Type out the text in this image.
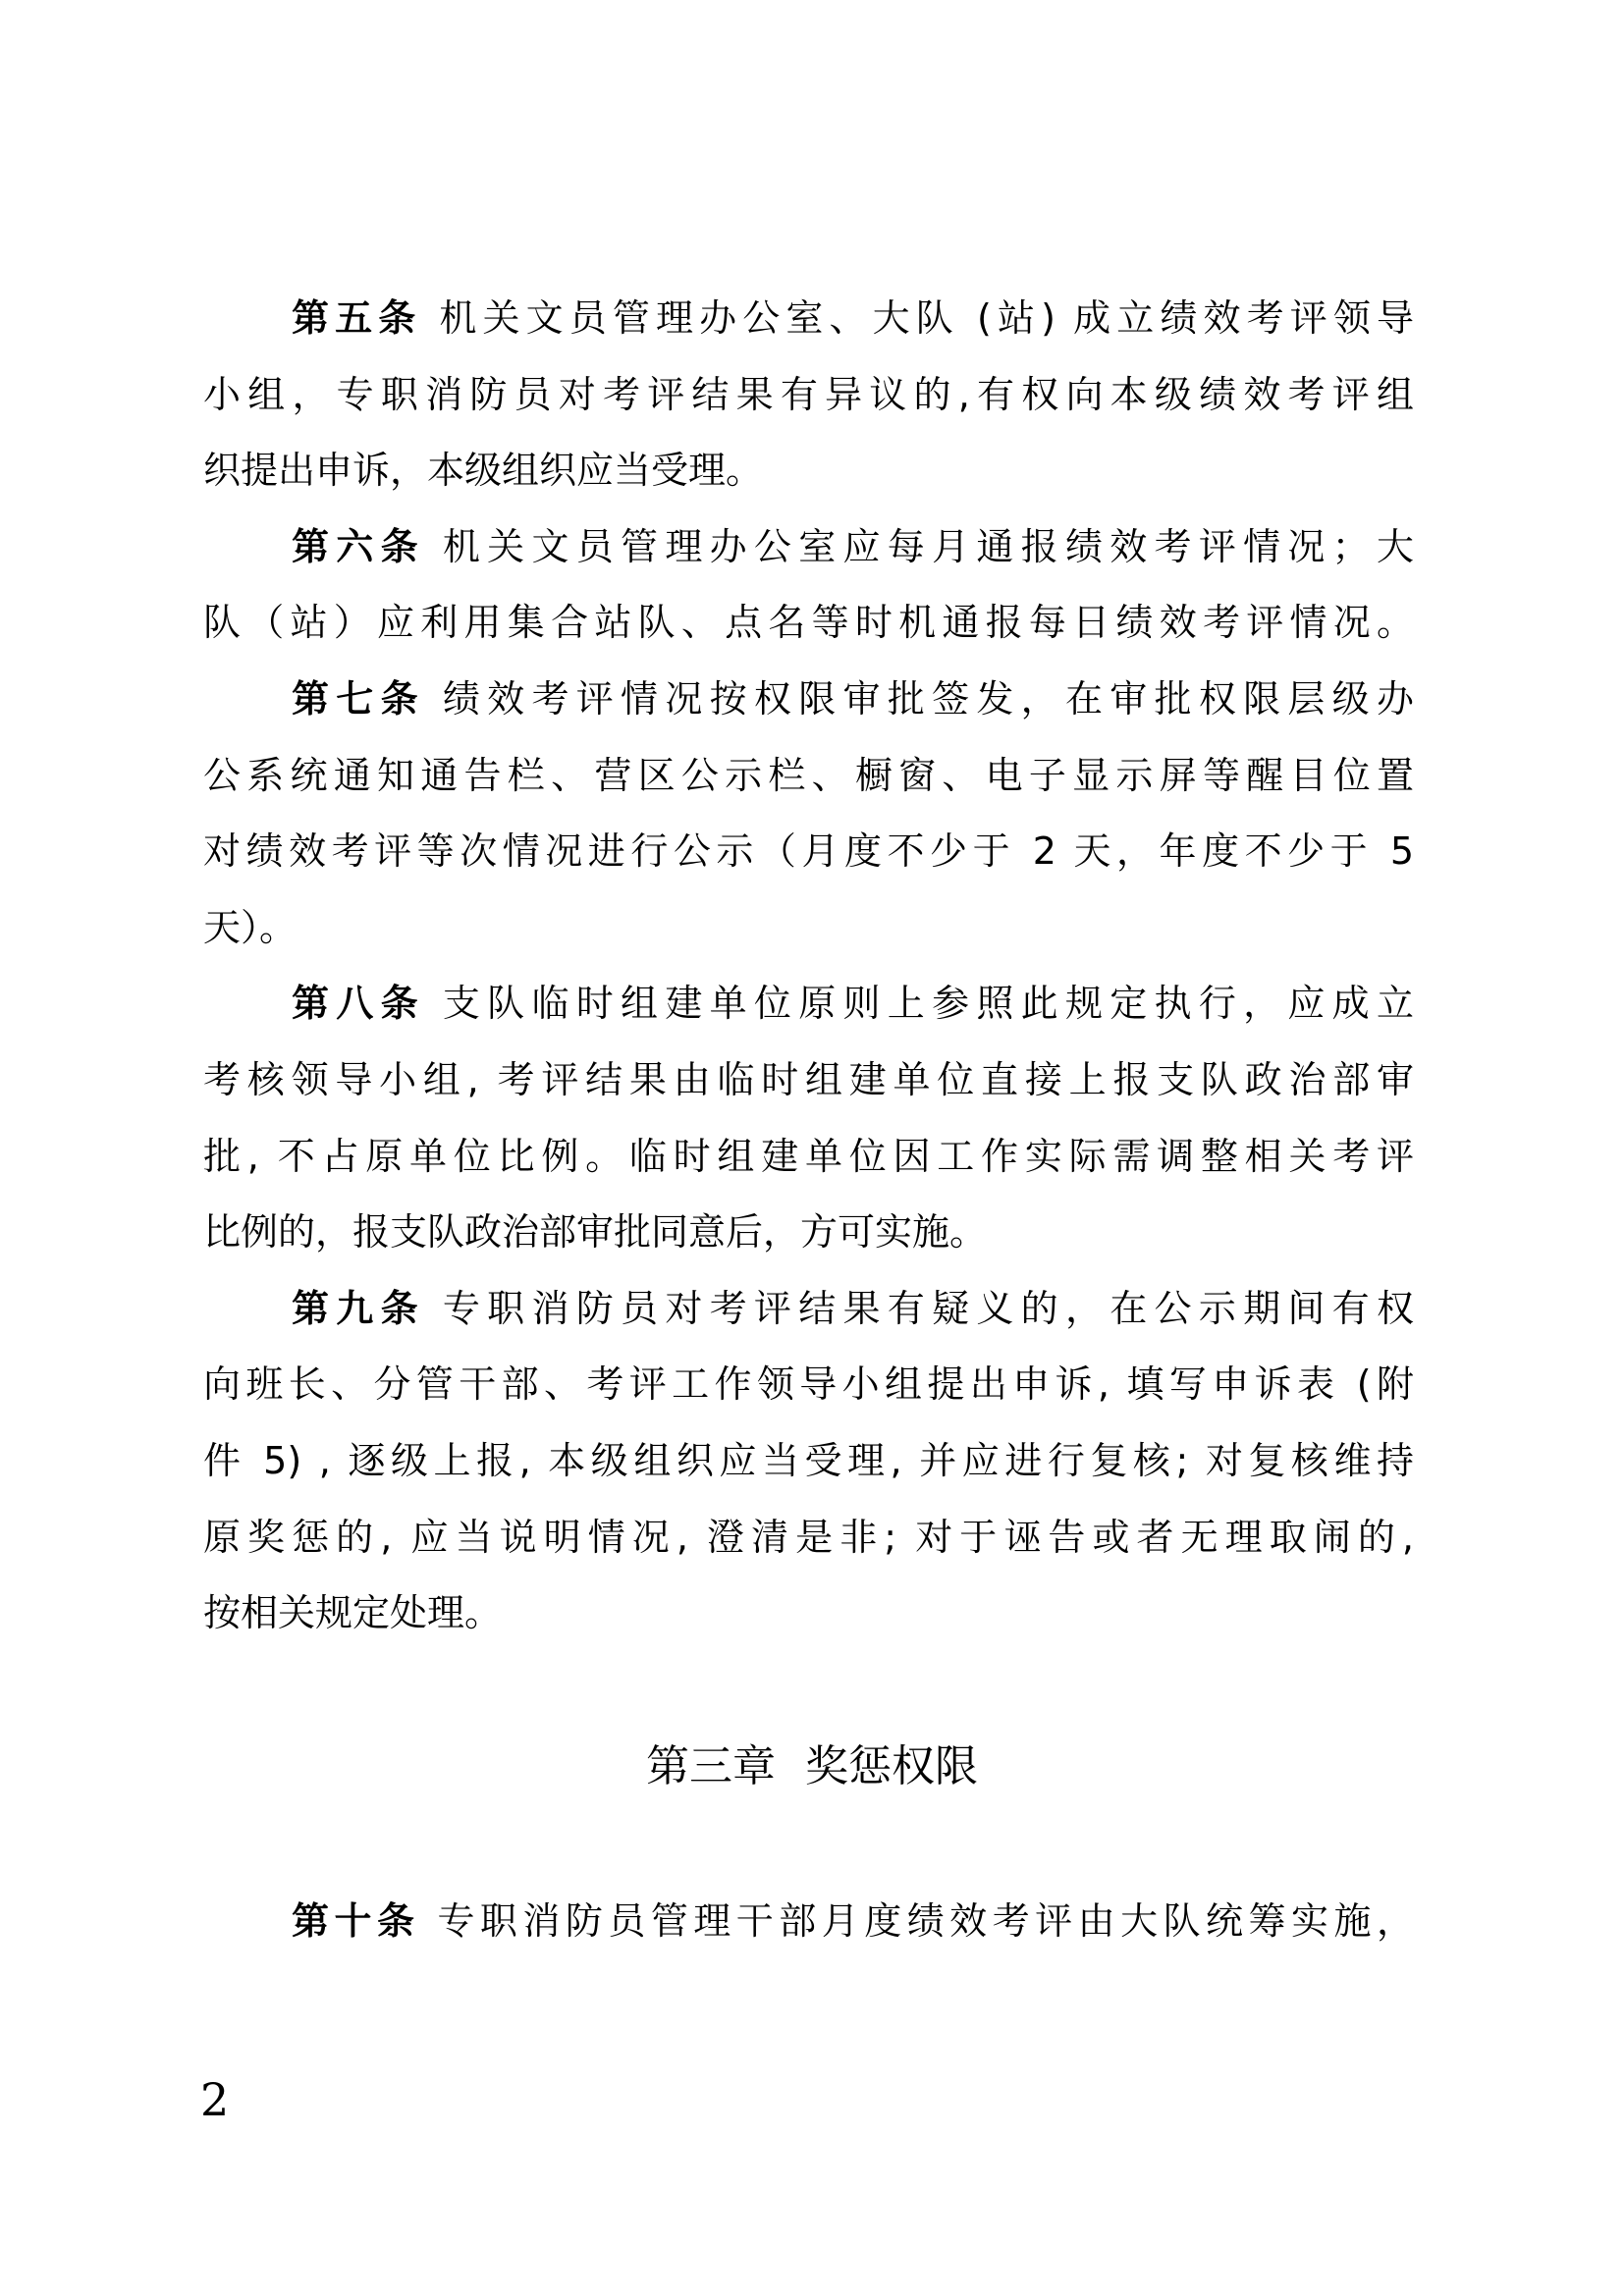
第五条 机关文员管理办公室、大队 (站) 成立绩效考评领导
小组，专职消防员对考评结果有异议的,有权向本级绩效考评组
织提出申诉，本级组织应当受理。
第六条 机关文员管理办公室应每月通报绩效考评情况；大
队（站）应利用集合站队、点名等时机通报每日绩效考评情况。
第七条 绩效考评情况按权限审批签发，在审批权限层级办
公系统通知通告栏、营区公示栏、橱窗、电子显示屏等醒目位置
对绩效考评等次情况进行公示（月度不少于 2 天，年度不少于 5
天）。
第八条 支队临时组建单位原则上参照此规定执行，应成立
考核领导小组, 考评结果由临时组建单位直接上报支队政治部审
批, 不占原单位比例。临时组建单位因工作实际需调整相关考评
比例的，报支队政治部审批同意后，方可实施。
第九条 专职消防员对考评结果有疑义的，在公示期间有权
向班长、分管干部、考评工作领导小组提出申诉, 填写申诉表 (附
件 5) , 逐级上报, 本级组织应当受理, 并应进行复核; 对复核维持
原奖惩的, 应当说明情况, 澄清是非; 对于诬告或者无理取闹的,
按相关规定处理。
第三章 奖惩权限
第十条 专职消防员管理干部月度绩效考评由大队统筹实施，
2
